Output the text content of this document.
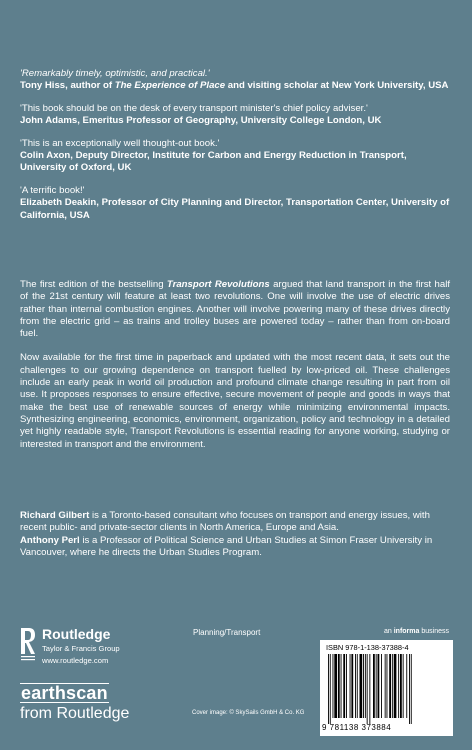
'Remarkably timely, optimistic, and practical.'
Tony Hiss, author of The Experience of Place and visiting scholar at New York University, USA
'This book should be on the desk of every transport minister's chief policy adviser.'
John Adams, Emeritus Professor of Geography, University College London, UK
'This is an exceptionally well thought-out book.'
Colin Axon, Deputy Director, Institute for Carbon and Energy Reduction in Transport, University of Oxford, UK
'A terrific book!'
Elizabeth Deakin, Professor of City Planning and Director, Transportation Center, University of California, USA

The first edition of the bestselling Transport Revolutions argued that land transport in the first half of the 21st century will feature at least two revolutions. One will involve the use of electric drives rather than internal combustion engines. Another will involve powering many of these drives directly from the electric grid – as trains and trolley buses are powered today – rather than from on-board fuel.

Now available for the first time in paperback and updated with the most recent data, it sets out the challenges to our growing dependence on transport fuelled by low-priced oil. These challenges include an early peak in world oil production and profound climate change resulting in part from oil use. It proposes responses to ensure effective, secure movement of people and goods in ways that make the best use of renewable sources of energy while minimizing environmental impacts. Synthesizing engineering, economics, environment, organization, policy and technology in a detailed yet highly readable style, Transport Revolutions is essential reading for anyone working, studying or interested in transport and the environment.

Richard Gilbert is a Toronto-based consultant who focuses on transport and energy issues, with recent public- and private-sector clients in North America, Europe and Asia.

Anthony Perl is a Professor of Political Science and Urban Studies at Simon Fraser University in Vancouver, where he directs the Urban Studies Program.

Routledge
Taylor & Francis Group
www.routledge.com
earthscan
from Routledge
Planning/Transport
Cover image: © SkySails GmbH & Co. KG
an informa business
ISBN 978-1-138-37388-4
9 781138 373884
